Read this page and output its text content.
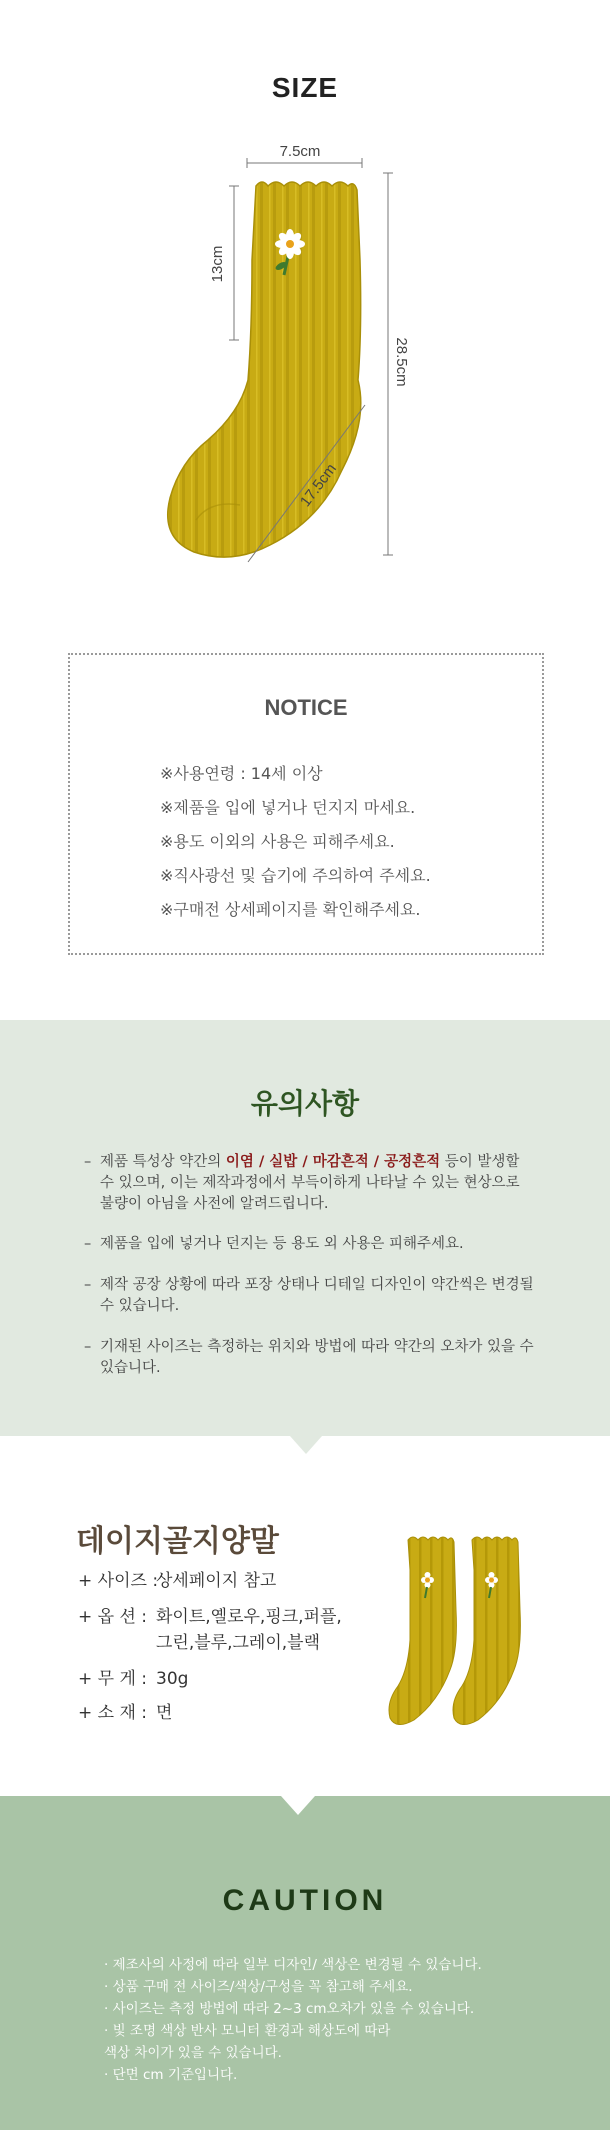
SIZE
7.5cm
13cm
28.5cm
17.5cm
NOTICE
※사용연령 : 14세 이상
※제품을 입에 넣거나 던지지 마세요.
※용도 이외의 사용은 피해주세요.
※직사광선 및 습기에 주의하여 주세요.
※구매전 상세페이지를 확인해주세요.
유의사항
– 제품 특성상 약간의 이염 / 실밥 / 마감흔적 / 공정흔적 등이 발생할 수 있으며, 이는 제작과정에서 부득이하게 나타날 수 있는 현상으로 불량이 아님을 사전에 알려드립니다.
– 제품을 입에 넣거나 던지는 등 용도 외 사용은 피해주세요.
– 제작 공장 상황에 따라 포장 상태나 디테일 디자인이 약간씩은 변경될 수 있습니다.
– 기재된 사이즈는 측정하는 위치와 방법에 따라 약간의 오차가 있을 수 있습니다.
데이지골지양말
+ 사이즈 :상세페이지 참고
+ 옵 션 : 화이트,옐로우,핑크,퍼플,
그린,블루,그레이,블랙
+ 무 게 : 30g
+ 소 재 : 면
CAUTION
· 제조사의 사정에 따라 일부 디자인/ 색상은 변경될 수 있습니다.
· 상품 구매 전 사이즈/색상/구성을 꼭 참고해 주세요.
· 사이즈는 측정 방법에 따라 2~3 cm오차가 있을 수 있습니다.
· 빛 조명 색상 반사 모니터 환경과 해상도에 따라
색상 차이가 있을 수 있습니다.
· 단면 cm 기준입니다.
